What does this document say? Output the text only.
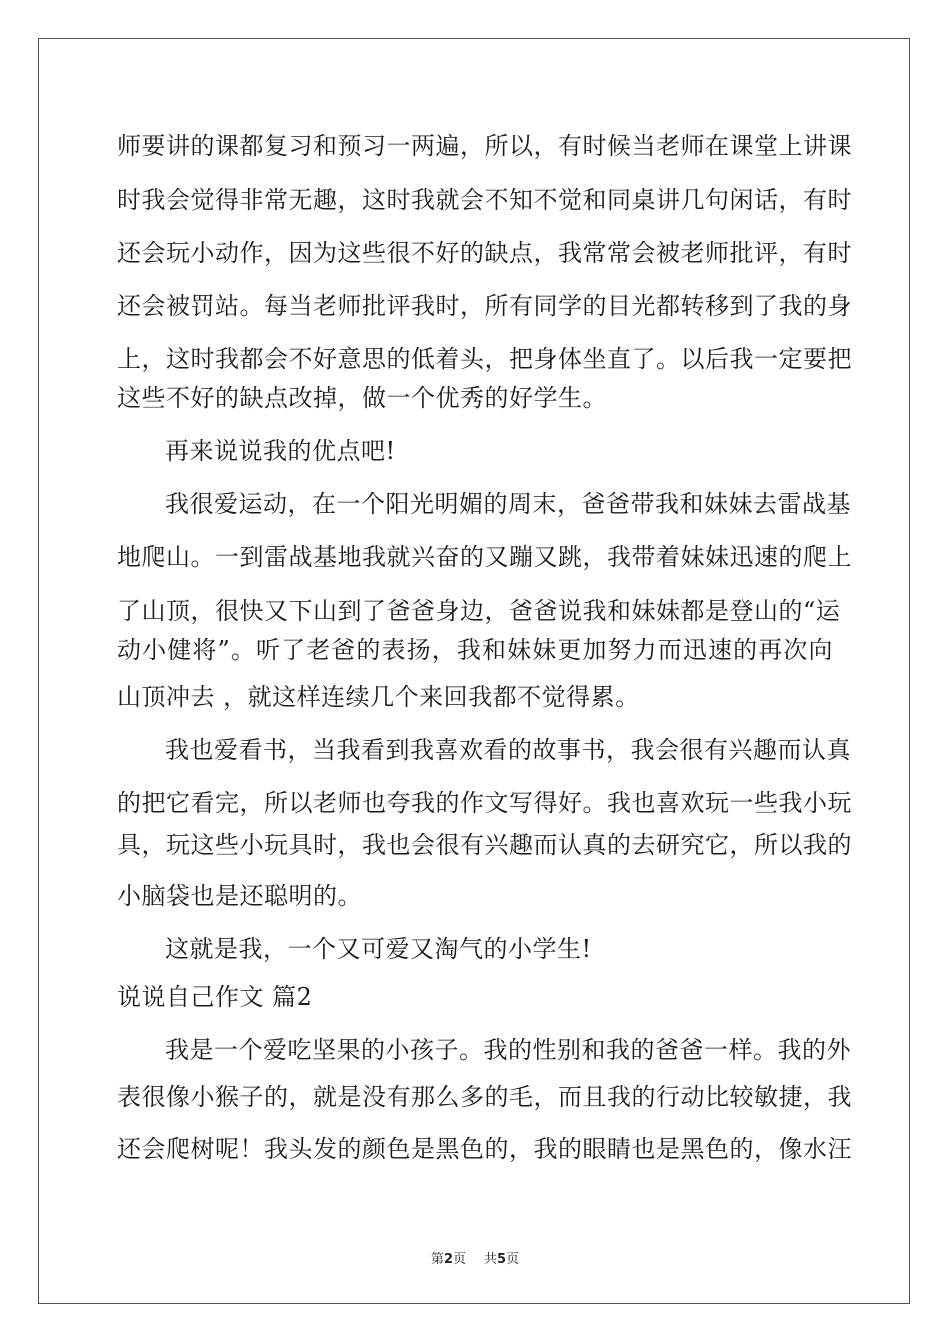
师要讲的课都复习和预习一两遍，所以，有时候当老师在课堂上讲课
时我会觉得非常无趣，这时我就会不知不觉和同桌讲几句闲话，有时
还会玩小动作，因为这些很不好的缺点，我常常会被老师批评，有时
还会被罚站。每当老师批评我时，所有同学的目光都转移到了我的身
上，这时我都会不好意思的低着头，把身体坐直了。以后我一定要把
这些不好的缺点改掉，做一个优秀的好学生。
再来说说我的优点吧!
我很爱运动，在一个阳光明媚的周末，爸爸带我和妹妹去雷战基
地爬山。一到雷战基地我就兴奋的又蹦又跳，我带着妹妹迅速的爬上
了山顶，很快又下山到了爸爸身边，爸爸说我和妹妹都是登山的“运
动小健将”。听了老爸的表扬，我和妹妹更加努力而迅速的再次向
山顶冲去 ，就这样连续几个来回我都不觉得累。
我也爱看书，当我看到我喜欢看的故事书，我会很有兴趣而认真
的把它看完，所以老师也夸我的作文写得好。我也喜欢玩一些我小玩
具，玩这些小玩具时，我也会很有兴趣而认真的去研究它，所以我的
小脑袋也是还聪明的。
这就是我，一个又可爱又淘气的小学生!
说说自己作文 篇2
我是一个爱吃坚果的小孩子。我的性别和我的爸爸一样。我的外
表很像小猴子的，就是没有那么多的毛，而且我的行动比较敏捷，我
还会爬树呢！我头发的颜色是黑色的，我的眼睛也是黑色的，像水汪
第2页 共5页
